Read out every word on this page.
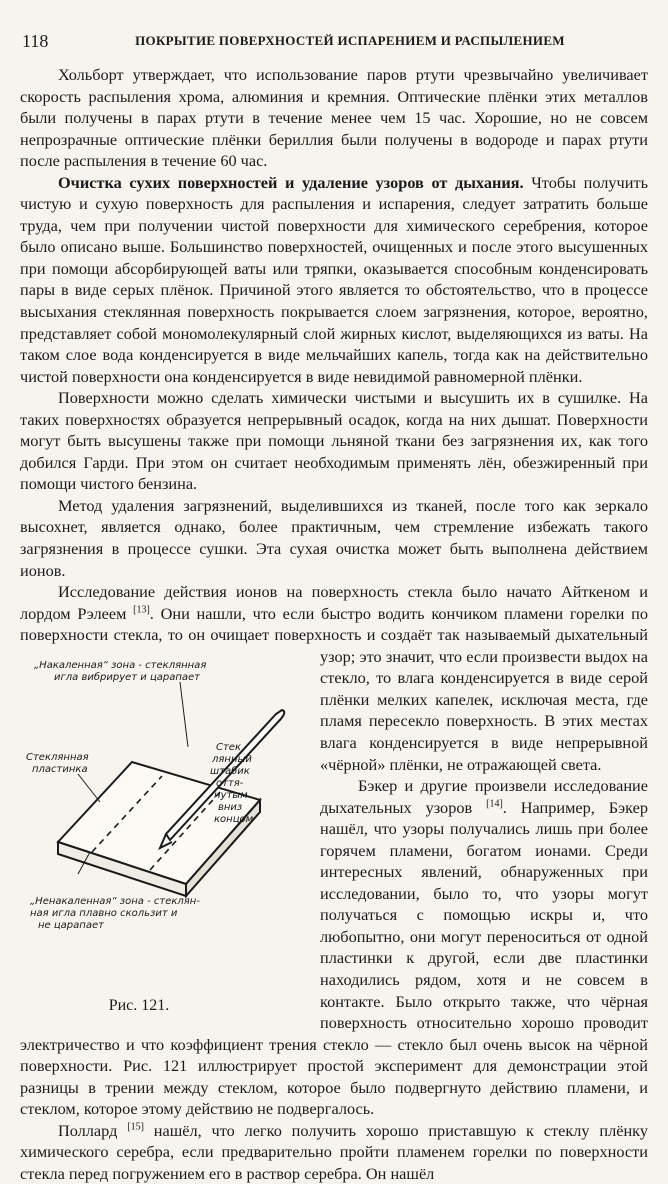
118	ПОКРЫТИЕ ПОВЕРХНОСТЕЙ ИСПАРЕНИЕМ И РАСПЫЛЕНИЕМ

Хольборт утверждает, что использование паров ртути чрезвычайно увеличивает скорость распыления хрома, алюминия и кремния. Оптические плёнки этих металлов были получены в парах ртути в течение менее чем 15 час. Хорошие, но не совсем непрозрачные оптические плёнки бериллия были получены в водороде и парах ртути после распыления в течение 60 час.

Очистка сухих поверхностей и удаление узоров от дыхания. Чтобы получить чистую и сухую поверхность для распыления и испарения, следует затратить больше труда, чем при получении чистой поверхности для химического серебрения, которое было описано выше. Большинство поверхностей, очищенных и после этого высушенных при помощи абсорбирующей ваты или тряпки, оказывается способным конденсировать пары в виде серых плёнок. Причиной этого является то обстоятельство, что в процессе высыхания стеклянная поверхность покрывается слоем загрязнения, которое, вероятно, представляет собой мономолекулярный слой жирных кислот, выделяющихся из ваты. На таком слое вода конденсируется в виде мельчайших капель, тогда как на действительно чистой поверхности она конденсируется в виде невидимой равномерной плёнки.

Поверхности можно сделать химически чистыми и высушить их в сушилке. На таких поверхностях образуется непрерывный осадок, когда на них дышат. Поверхности могут быть высушены также при помощи льняной ткани без загрязнения их, как того добился Гарди. При этом он считает необходимым применять лён, обезжиренный при помощи чистого бензина.

Метод удаления загрязнений, выделившихся из тканей, после того как зеркало высохнет, является однако, более практичным, чем стремление избежать такого загрязнения в процессе сушки. Эта сухая очистка может быть выполнена действием ионов.

Исследование действия ионов на поверхность стекла было начато Айткеном и лордом Рэлеем [13]. Они нашли, что если быстро водить кончиком пламени горелки по поверхности стекла, то он очищает поверхность и создаёт так называемый дыхательный узор;
„Накаленная“ зона - стеклянная
игла вибрирует и царапает
Стеклянная
пластинка
Стек
лянный
штабик
оття-
нутым
вниз
концом
„Ненакаленная“ зона - стеклян-
ная игла плавно скользит и
не царапает
Рис. 121.
это значит, что если произвести выдох на стекло, то влага конденсируется в виде серой плёнки мелких капелек, исключая места, где пламя пересекло поверхность. В этих местах влага конденсируется в виде непрерывной «чёрной» плёнки, не отражающей света.

Бэкер и другие произвели исследование дыхательных узоров [14]. Например, Бэкер нашёл, что узоры получались лишь при более горячем пламени, богатом ионами. Среди интересных явлений, обнаруженных при исследовании, было то, что узоры могут получаться с помощью искры и, что любопытно, они могут переноситься от одной пластинки к другой, если две пластинки находились рядом, хотя и не совсем в контакте. Было открыто также, что чёрная поверхность относительно хорошо проводит электричество и что коэффициент трения стекло — стекло был очень высок на чёрной поверхности. Рис. 121 иллюстрирует простой эксперимент для демонстрации этой разницы в трении между стеклом, которое было подвергнуто действию пламени, и стеклом, которое этому действию не подвергалось.

Поллард [15] нашёл, что легко получить хорошо приставшую к стеклу плёнку химического серебра, если предварительно пройти пламенем горелки по поверхности стекла перед погружением его в раствор серебра. Он нашёл
